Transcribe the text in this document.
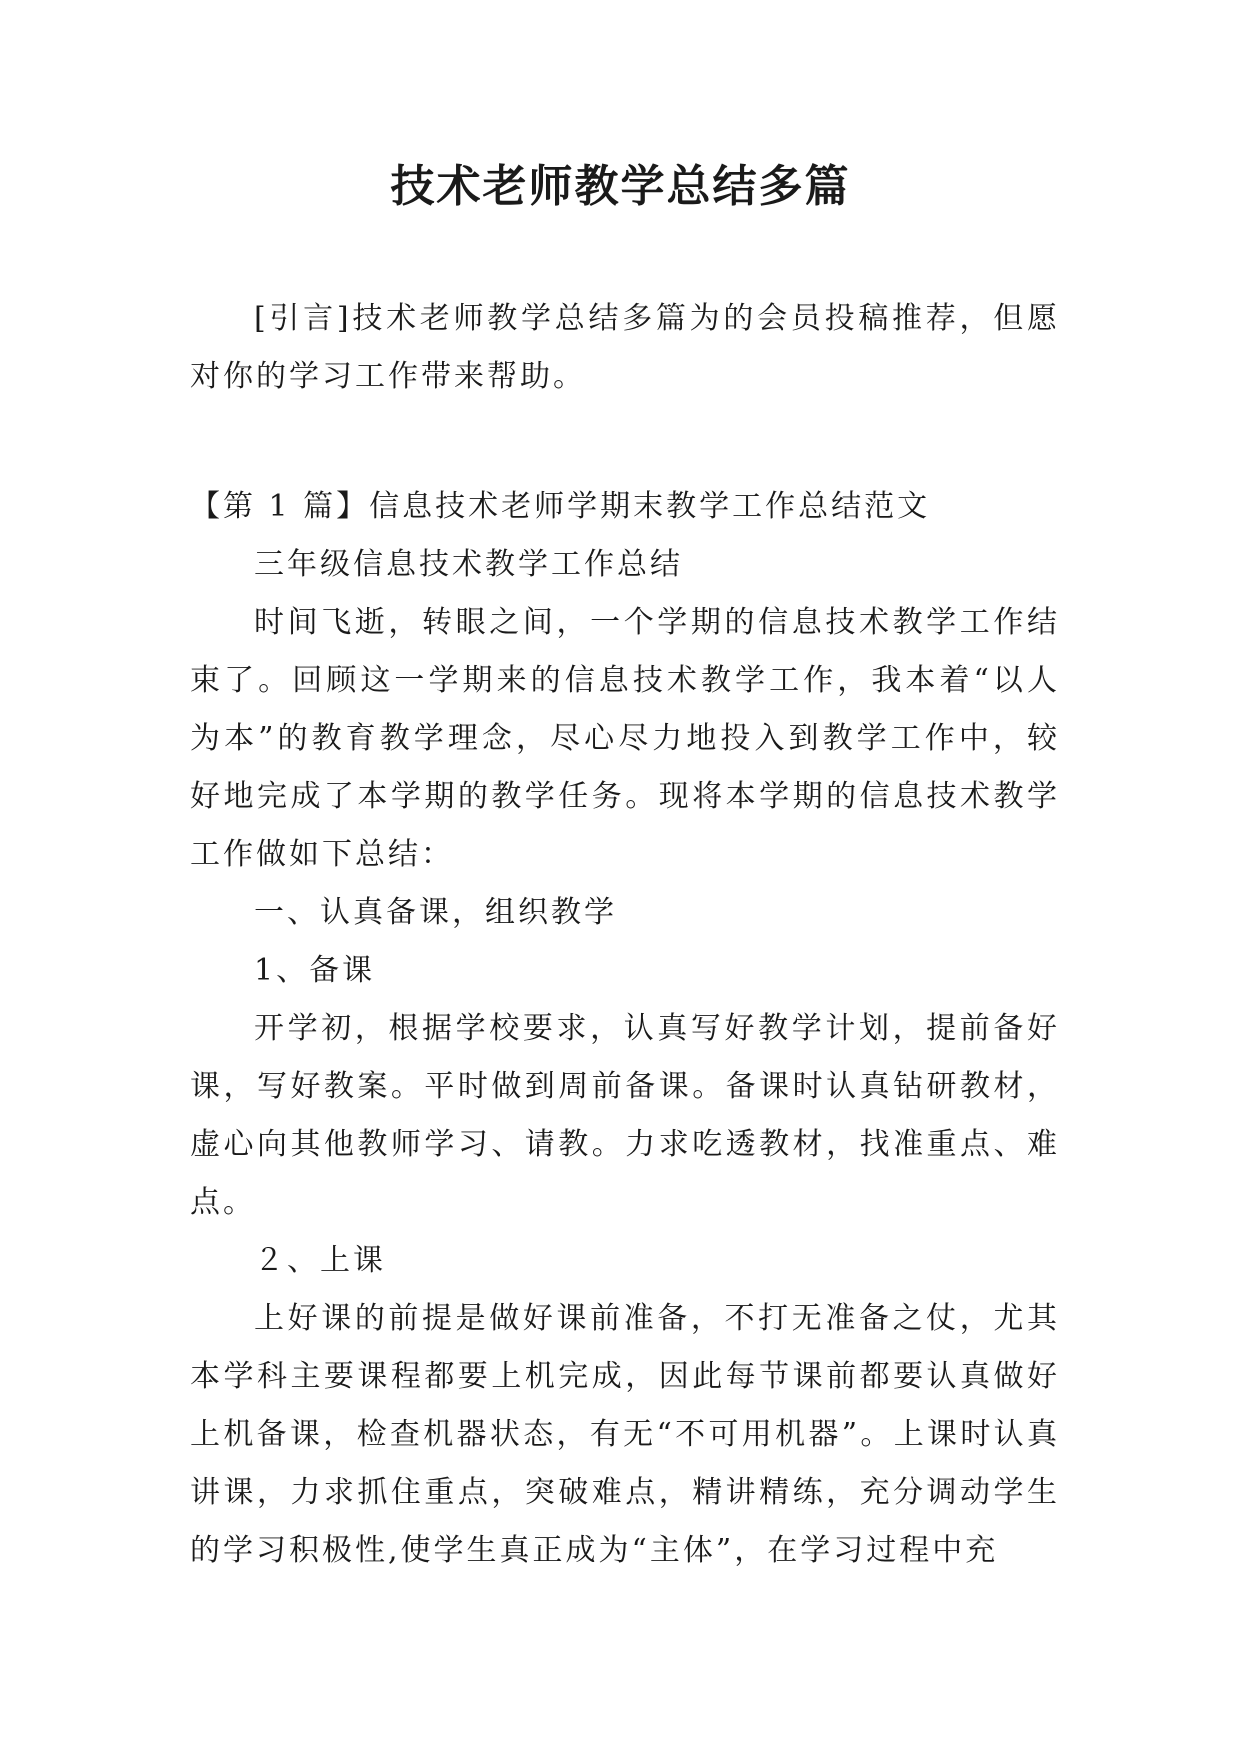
技术老师教学总结多篇

[引言]技术老师教学总结多篇为的会员投稿推荐，但愿对你的学习工作带来帮助。

【第 1 篇】信息技术老师学期末教学工作总结范文

三年级信息技术教学工作总结

时间飞逝，转眼之间，一个学期的信息技术教学工作结束了。回顾这一学期来的信息技术教学工作，我本着“以人为本”的教育教学理念，尽心尽力地投入到教学工作中，较好地完成了本学期的教学任务。现将本学期的信息技术教学工作做如下总结：

一、认真备课，组织教学

1、备课

开学初，根据学校要求，认真写好教学计划，提前备好课，写好教案。平时做到周前备课。备课时认真钻研教材，虚心向其他教师学习、请教。力求吃透教材，找准重点、难点。

２、上课

上好课的前提是做好课前准备，不打无准备之仗，尤其本学科主要课程都要上机完成，因此每节课前都要认真做好上机备课，检查机器状态，有无“不可用机器”。上课时认真讲课，力求抓住重点，突破难点，精讲精练，充分调动学生的学习积极性,使学生真正成为“主体”，在学习过程中充
